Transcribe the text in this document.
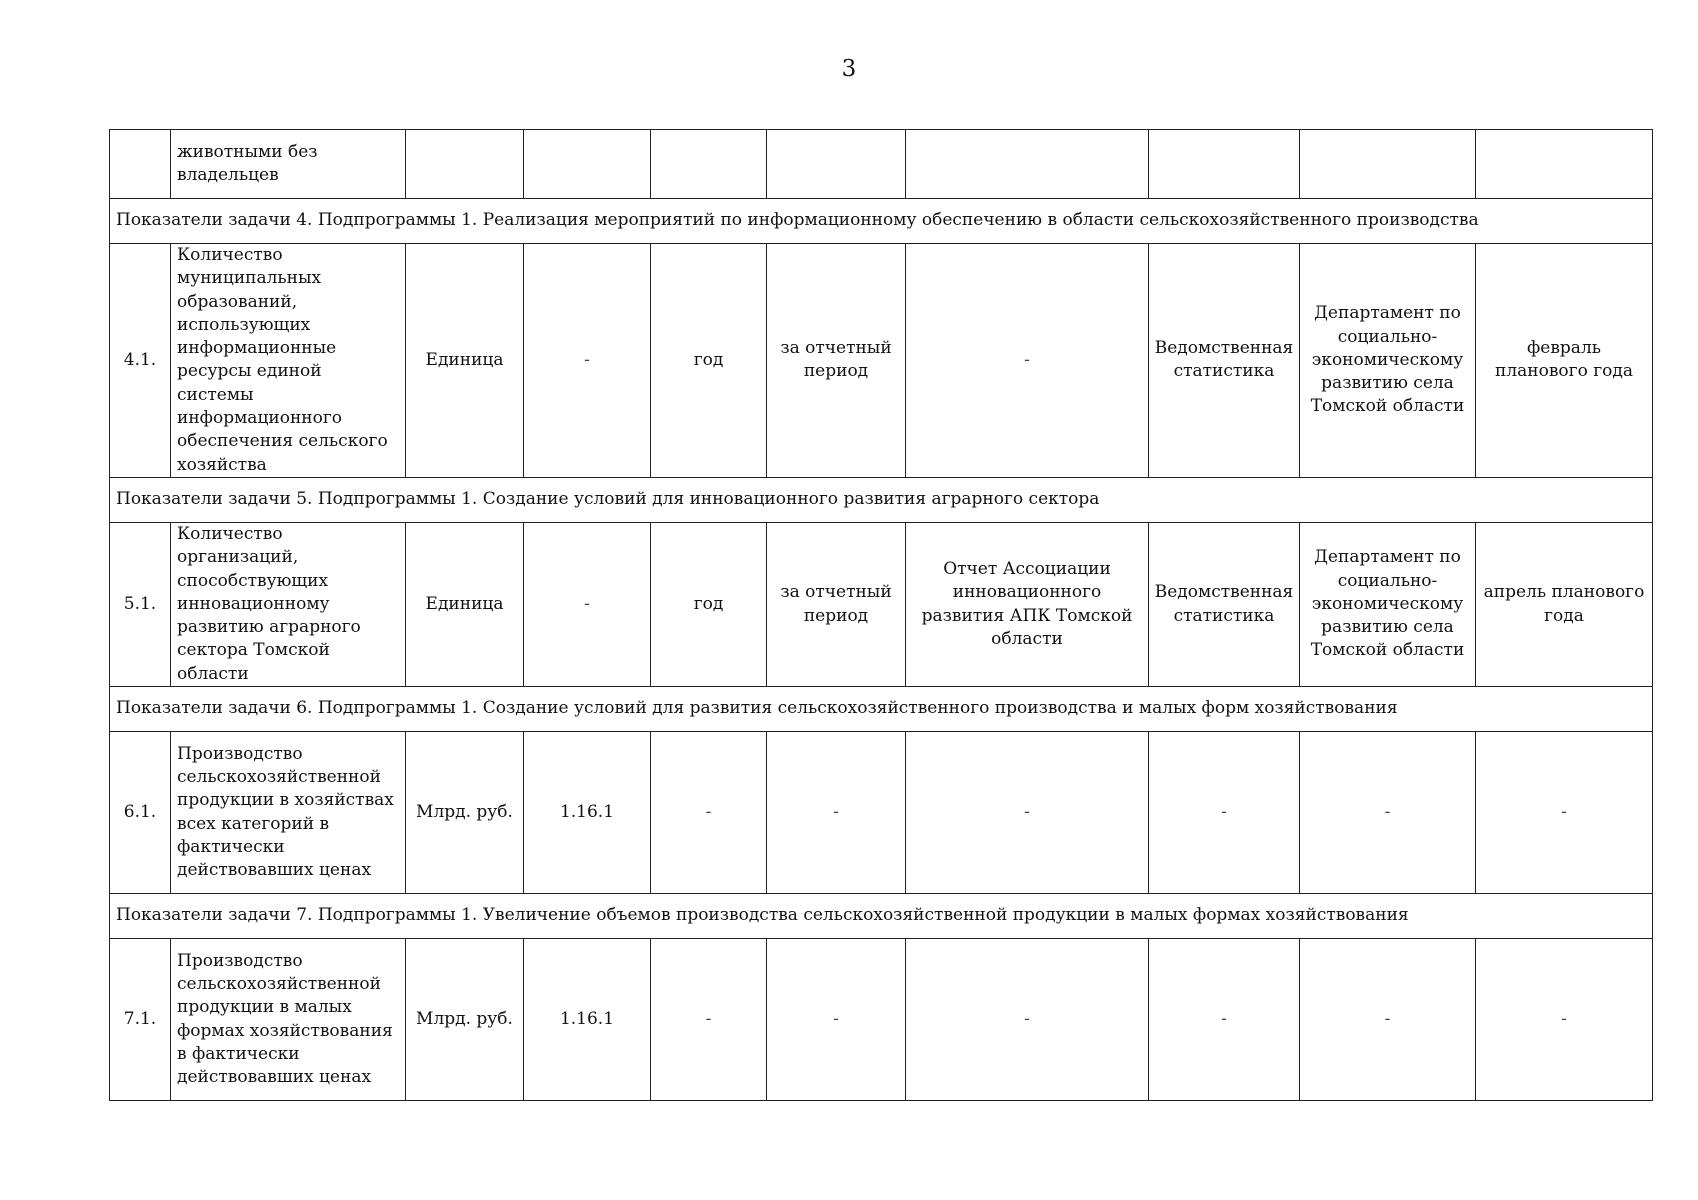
3
	животными без владельцев								
Показатели задачи 4. Подпрограммы 1. Реализация мероприятий по информационному обеспечению в области сельскохозяйственного производства									
4.1.	Количество муниципальных образований, использующих информационные ресурсы единой системы информационного обеспечения сельского хозяйства	Единица	-	год	за отчетный период	-	Ведомственная статистика	Департамент по социально-экономическому развитию села Томской области	февраль планового года
Показатели задачи 5. Подпрограммы 1. Создание условий для инновационного развития аграрного сектора									
5.1.	Количество организаций, способствующих инновационному развитию аграрного сектора Томской области	Единица	-	год	за отчетный период	Отчет Ассоциации инновационного развития АПК Томской области	Ведомственная статистика	Департамент по социально-экономическому развитию села Томской области	апрель планового года
Показатели задачи 6. Подпрограммы 1. Создание условий для развития сельскохозяйственного производства и малых форм хозяйствования									
6.1.	Производство сельскохозяйственной продукции в хозяйствах всех категорий в фактически действовавших ценах	Млрд. руб.	1.16.1	-	-	-	-	-	-
Показатели задачи 7. Подпрограммы 1. Увеличение объемов производства сельскохозяйственной продукции в малых формах хозяйствования									
7.1.	Производство сельскохозяйственной продукции в малых формах хозяйствования в фактически действовавших ценах	Млрд. руб.	1.16.1	-	-	-	-	-	-
